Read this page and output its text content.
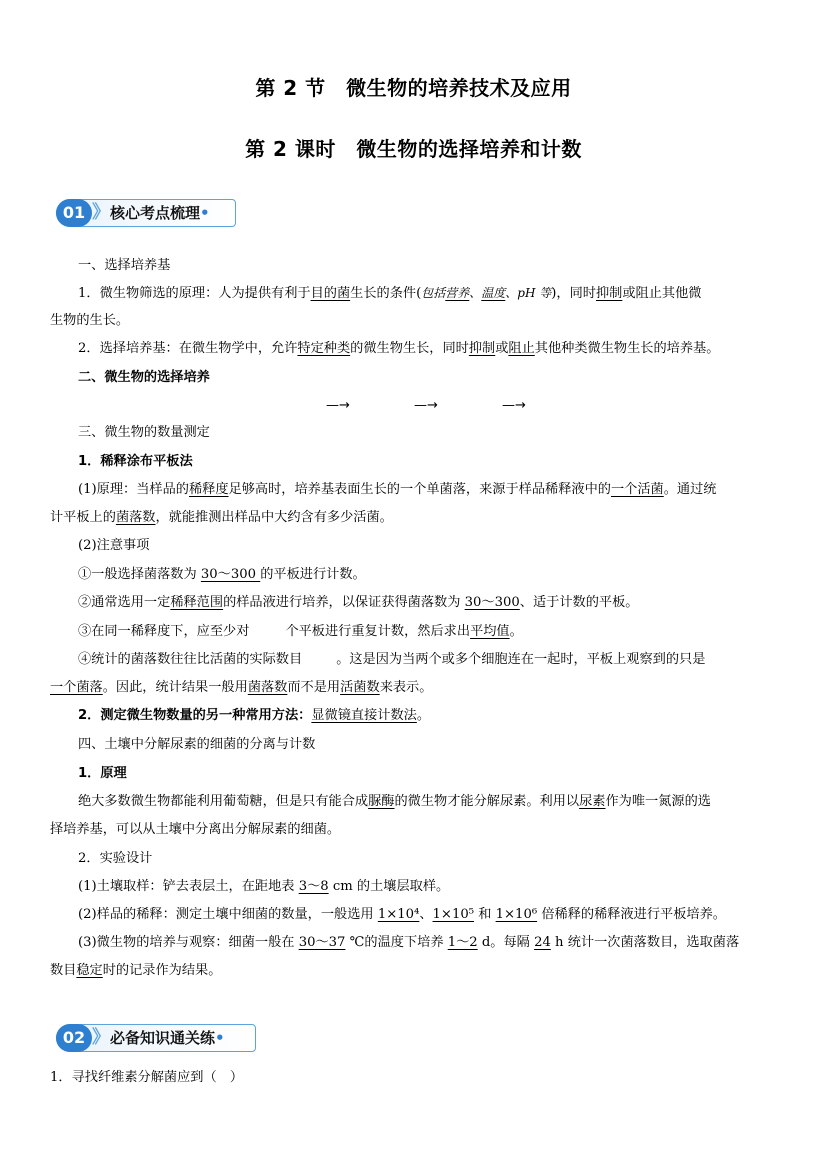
第 2 节　微生物的培养技术及应用
第 2 课时　微生物的选择培养和计数
01 》 核心考点梳理•
一、选择培养基
1．微生物筛选的原理：人为提供有利于目的菌生长的条件(包括营养、温度、pH 等)，同时抑制或阻止其他微
生物的生长。
2．选择培养基：在微生物学中，允许特定种类的微生物生长，同时抑制或阻止其他种类微生物生长的培养基。
二、微生物的选择培养
—→	—→	—→
三、微生物的数量测定
1．稀释涂布平板法
(1)原理：当样品的稀释度足够高时，培养基表面生长的一个单菌落，来源于样品稀释液中的一个活菌。通过统
计平板上的菌落数，就能推测出样品中大约含有多少活菌。
(2)注意事项
①一般选择菌落数为 30～300 的平板进行计数。
②通常选用一定稀释范围的样品液进行培养，以保证获得菌落数为 30～300、适于计数的平板。
③在同一稀释度下，应至少对	个平板进行重复计数，然后求出平均值。
④统计的菌落数往往比活菌的实际数目	。这是因为当两个或多个细胞连在一起时，平板上观察到的只是
一个菌落。因此，统计结果一般用菌落数而不是用活菌数来表示。
2．测定微生物数量的另一种常用方法：显微镜直接计数法。
四、土壤中分解尿素的细菌的分离与计数
1．原理
绝大多数微生物都能利用葡萄糖，但是只有能合成脲酶的微生物才能分解尿素。利用以尿素作为唯一氮源的选
择培养基，可以从土壤中分离出分解尿素的细菌。
2．实验设计
(1)土壤取样：铲去表层土，在距地表 3～8 cm 的土壤层取样。
(2)样品的稀释：测定土壤中细菌的数量，一般选用 1×10⁴、1×10⁵ 和 1×10⁶ 倍稀释的稀释液进行平板培养。
(3)微生物的培养与观察：细菌一般在 30～37 ℃的温度下培养 1～2 d。每隔 24 h 统计一次菌落数目，选取菌落
数目稳定时的记录作为结果。
02 》 必备知识通关练•
1．寻找纤维素分解菌应到（　）
